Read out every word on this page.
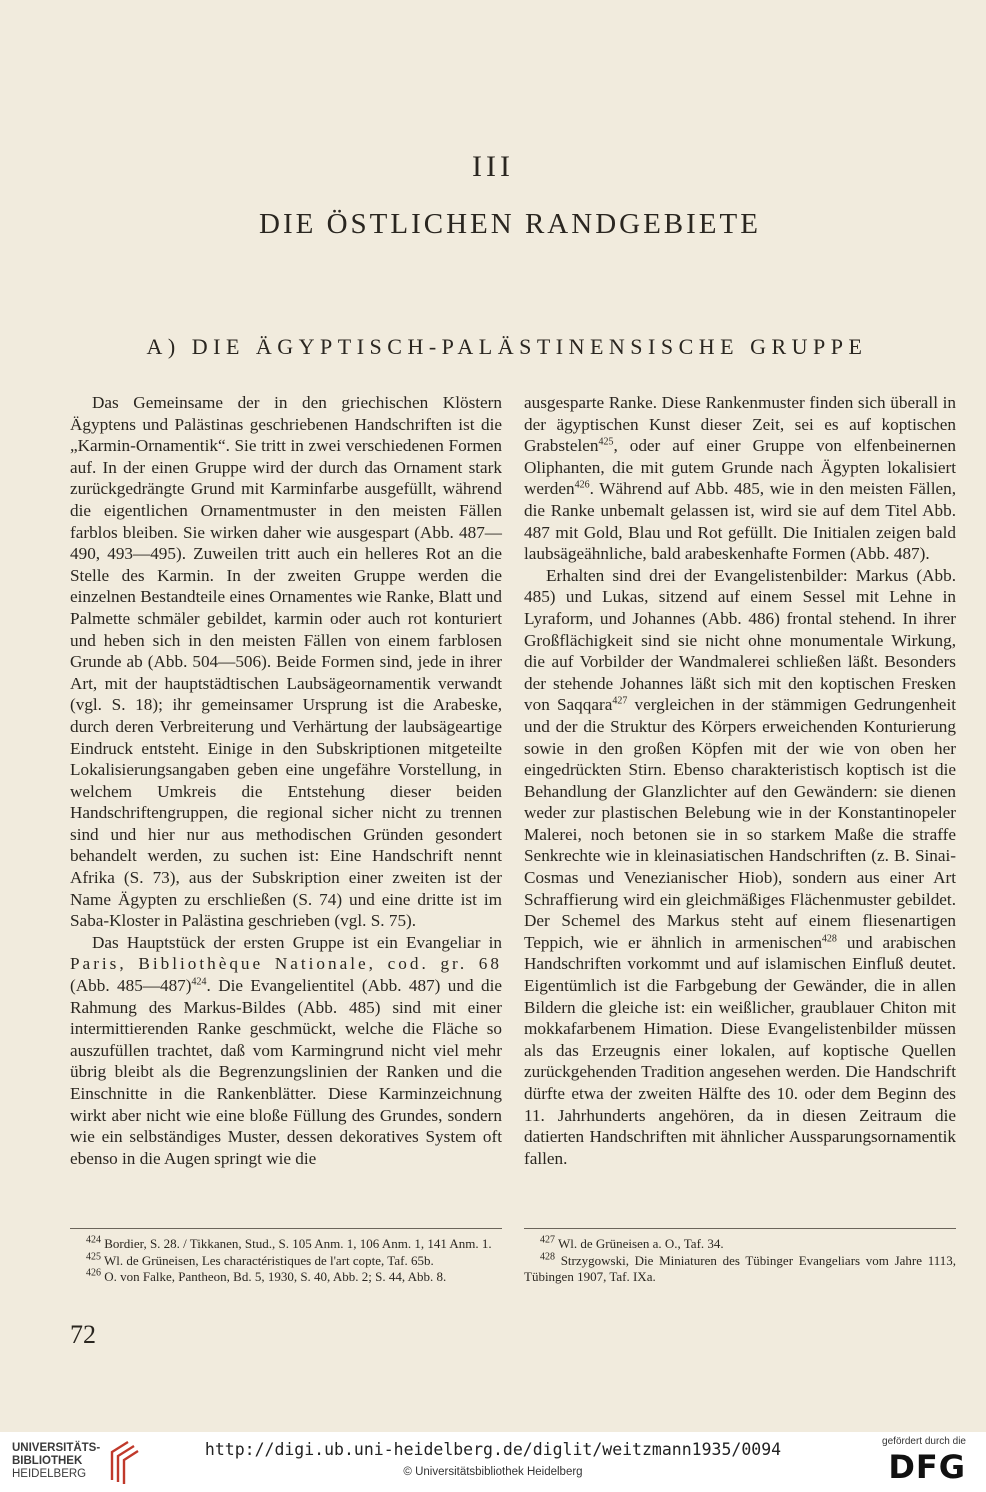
III
DIE ÖSTLICHEN RANDGEBIETE
A) DIE ÄGYPTISCH-PALÄSTINENSISCHE GRUPPE

Das Gemeinsame der in den griechischen Klöstern Ägyptens und Palästinas geschriebenen Handschriften ist die „Karmin-Ornamentik“. Sie tritt in zwei verschiedenen Formen auf. In der einen Gruppe wird der durch das Ornament stark zurückgedrängte Grund mit Karminfarbe ausgefüllt, während die eigentlichen Ornamentmuster in den meisten Fällen farblos bleiben. Sie wirken daher wie ausgespart (Abb. 487—490, 493—495). Zuweilen tritt auch ein helleres Rot an die Stelle des Karmin. In der zweiten Gruppe werden die einzelnen Bestandteile eines Ornamentes wie Ranke, Blatt und Palmette schmäler gebildet, karmin oder auch rot konturiert und heben sich in den meisten Fällen von einem farblosen Grunde ab (Abb. 504—506). Beide Formen sind, jede in ihrer Art, mit der hauptstädtischen Laubsägeornamentik verwandt (vgl. S. 18); ihr gemeinsamer Ursprung ist die Arabeske, durch deren Verbreiterung und Verhärtung der laubsägeartige Eindruck entsteht. Einige in den Subskriptionen mitgeteilte Lokalisierungsangaben geben eine ungefähre Vorstellung, in welchem Umkreis die Entstehung dieser beiden Handschriftengruppen, die regional sicher nicht zu trennen sind und hier nur aus methodischen Gründen gesondert behandelt werden, zu suchen ist: Eine Handschrift nennt Afrika (S. 73), aus der Subskription einer zweiten ist der Name Ägypten zu erschließen (S. 74) und eine dritte ist im Saba-Kloster in Palästina geschrieben (vgl. S. 75).

Das Hauptstück der ersten Gruppe ist ein Evangeliar in Paris, Bibliothèque Nationale, cod. gr. 68 (Abb. 485—487)$^{424}$. Die Evangelientitel (Abb. 487) und die Rahmung des Markus-Bildes (Abb. 485) sind mit einer intermittierenden Ranke geschmückt, welche die Fläche so auszufüllen trachtet, daß vom Karmingrund nicht viel mehr übrig bleibt als die Begrenzungslinien der Ranken und die Einschnitte in die Rankenblätter. Diese Karminzeichnung wirkt aber nicht wie eine bloße Füllung des Grundes, sondern wie ein selbständiges Muster, dessen dekoratives System oft ebenso in die Augen springt wie die

ausgesparte Ranke. Diese Rankenmuster finden sich überall in der ägyptischen Kunst dieser Zeit, sei es auf koptischen Grabstelen$^{425}$, oder auf einer Gruppe von elfenbeinernen Oliphanten, die mit gutem Grunde nach Ägypten lokalisiert werden$^{426}$. Während auf Abb. 485, wie in den meisten Fällen, die Ranke unbemalt gelassen ist, wird sie auf dem Titel Abb. 487 mit Gold, Blau und Rot gefüllt. Die Initialen zeigen bald laubsägeähnliche, bald arabeskenhafte Formen (Abb. 487).

Erhalten sind drei der Evangelistenbilder: Markus (Abb. 485) und Lukas, sitzend auf einem Sessel mit Lehne in Lyraform, und Johannes (Abb. 486) frontal stehend. In ihrer Großflächigkeit sind sie nicht ohne monumentale Wirkung, die auf Vorbilder der Wandmalerei schließen läßt. Besonders der stehende Johannes läßt sich mit den koptischen Fresken von Saqqara$^{427}$ vergleichen in der stämmigen Gedrungenheit und der die Struktur des Körpers erweichenden Konturierung sowie in den großen Köpfen mit der wie von oben her eingedrückten Stirn. Ebenso charakteristisch koptisch ist die Behandlung der Glanzlichter auf den Gewändern: sie dienen weder zur plastischen Belebung wie in der Konstantinopeler Malerei, noch betonen sie in so starkem Maße die straffe Senkrechte wie in kleinasiatischen Handschriften (z. B. Sinai-Cosmas und Venezianischer Hiob), sondern aus einer Art Schraffierung wird ein gleichmäßiges Flächenmuster gebildet. Der Schemel des Markus steht auf einem fliesenartigen Teppich, wie er ähnlich in armenischen$^{428}$ und arabischen Handschriften vorkommt und auf islamischen Einfluß deutet. Eigentümlich ist die Farbgebung der Gewänder, die in allen Bildern die gleiche ist: ein weißlicher, graublauer Chiton mit mokkafarbenem Himation. Diese Evangelistenbilder müssen als das Erzeugnis einer lokalen, auf koptische Quellen zurückgehenden Tradition angesehen werden. Die Handschrift dürfte etwa der zweiten Hälfte des 10. oder dem Beginn des 11. Jahrhunderts angehören, da in diesen Zeitraum die datierten Handschriften mit ähnlicher Aussparungsornamentik fallen.

$^{424}$ Bordier, S. 28. / Tikkanen, Stud., S. 105 Anm. 1, 106 Anm. 1, 141 Anm. 1.

$^{425}$ Wl. de Grüneisen, Les charactéristiques de l'art copte, Taf. 65b.

$^{426}$ O. von Falke, Pantheon, Bd. 5, 1930, S. 40, Abb. 2; S. 44, Abb. 8.

$^{427}$ Wl. de Grüneisen a. O., Taf. 34.

$^{428}$ Strzygowski, Die Miniaturen des Tübinger Evangeliars vom Jahre 1113, Tübingen 1907, Taf. IXa.

72
UNIVERSITÄTS-
BIBLIOTHEK
HEIDELBERG
http://digi.ub.uni-heidelberg.de/diglit/weitzmann1935/0094
© Universitätsbibliothek Heidelberg
gefördert durch die
DFG
